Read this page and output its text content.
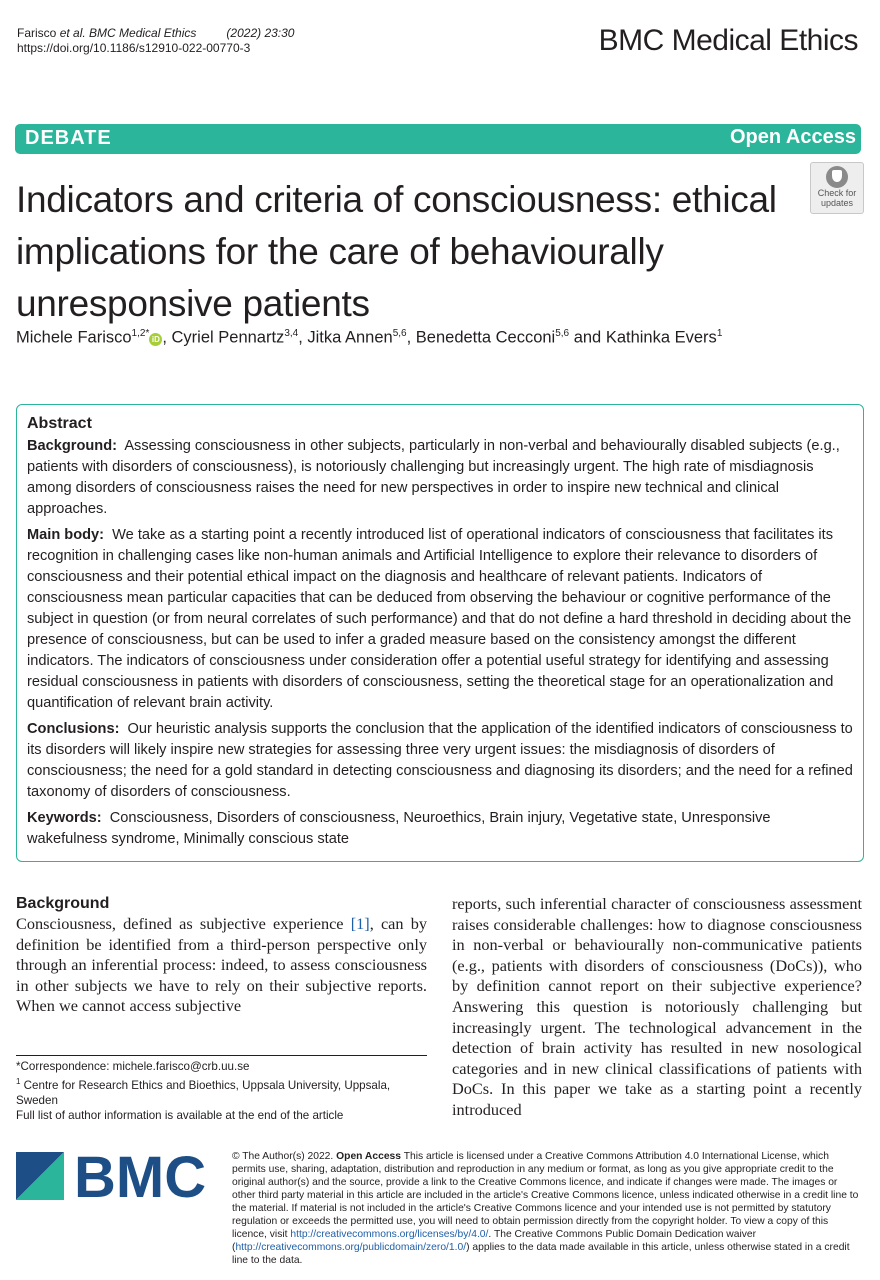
Farisco et al. BMC Medical Ethics	(2022) 23:30
https://doi.org/10.1186/s12910-022-00770-3	BMC Medical Ethics
DEBATE	Open Access
Check for
updates
Indicators and criteria of consciousness: ethical implications for the care of behaviourally unresponsive patients
Michele Farisco$^{1,2*}$ iD , Cyriel Pennartz$^{3,4}$, Jitka Annen$^{5,6}$, Benedetta Cecconi$^{5,6}$ and Kathinka Evers$^1$
Abstract

Background: Assessing consciousness in other subjects, particularly in non-verbal and behaviourally disabled subjects (e.g., patients with disorders of consciousness), is notoriously challenging but increasingly urgent. The high rate of misdiagnosis among disorders of consciousness raises the need for new perspectives in order to inspire new technical and clinical approaches.

Main body: We take as a starting point a recently introduced list of operational indicators of consciousness that facilitates its recognition in challenging cases like non-human animals and Artificial Intelligence to explore their relevance to disorders of consciousness and their potential ethical impact on the diagnosis and healthcare of relevant patients. Indicators of consciousness mean particular capacities that can be deduced from observing the behaviour or cognitive performance of the subject in question (or from neural correlates of such performance) and that do not define a hard threshold in deciding about the presence of consciousness, but can be used to infer a graded measure based on the consistency amongst the different indicators. The indicators of consciousness under consideration offer a potential useful strategy for identifying and assessing residual consciousness in patients with disorders of consciousness, setting the theoretical stage for an operationalization and quantification of relevant brain activity.

Conclusions: Our heuristic analysis supports the conclusion that the application of the identified indicators of consciousness to its disorders will likely inspire new strategies for assessing three very urgent issues: the misdiagnosis of disorders of consciousness; the need for a gold standard in detecting consciousness and diagnosing its disorders; and the need for a refined taxonomy of disorders of consciousness.

Keywords: Consciousness, Disorders of consciousness, Neuroethics, Brain injury, Vegetative state, Unresponsive wakefulness syndrome, Minimally conscious state

Background
Consciousness, defined as subjective experience [1], can by definition be identified from a third-person perspective only through an inferential process: indeed, to assess consciousness in other subjects we have to rely on their subjective reports. When we cannot access subjective
reports, such inferential character of consciousness assessment raises considerable challenges: how to diagnose consciousness in non-verbal or behaviourally non-communicative patients (e.g., patients with disorders of consciousness (DoCs)), who by definition cannot report on their subjective experience? Answering this question is notoriously challenging but increasingly urgent. The technological advancement in the detection of brain activity has resulted in new nosological categories and in new clinical classifications of patients with DoCs. In this paper we take as a starting point a recently introduced

*Correspondence: michele.farisco@crb.uu.se

$^1$ Centre for Research Ethics and Bioethics, Uppsala University, Uppsala, Sweden

Full list of author information is available at the end of the article

BMC	© The Author(s) 2022. Open Access This article is licensed under a Creative Commons Attribution 4.0 International License, which permits use, sharing, adaptation, distribution and reproduction in any medium or format, as long as you give appropriate credit to the original author(s) and the source, provide a link to the Creative Commons licence, and indicate if changes were made. The images or other third party material in this article are included in the article's Creative Commons licence, unless indicated otherwise in a credit line to the material. If material is not included in the article's Creative Commons licence and your intended use is not permitted by statutory regulation or exceeds the permitted use, you will need to obtain permission directly from the copyright holder. To view a copy of this licence, visit http://creativecommons.org/licenses/by/4.0/. The Creative Commons Public Domain Dedication waiver (http://creativecommons.org/publicdomain/zero/1.0/) applies to the data made available in this article, unless otherwise stated in a credit line to the data.
